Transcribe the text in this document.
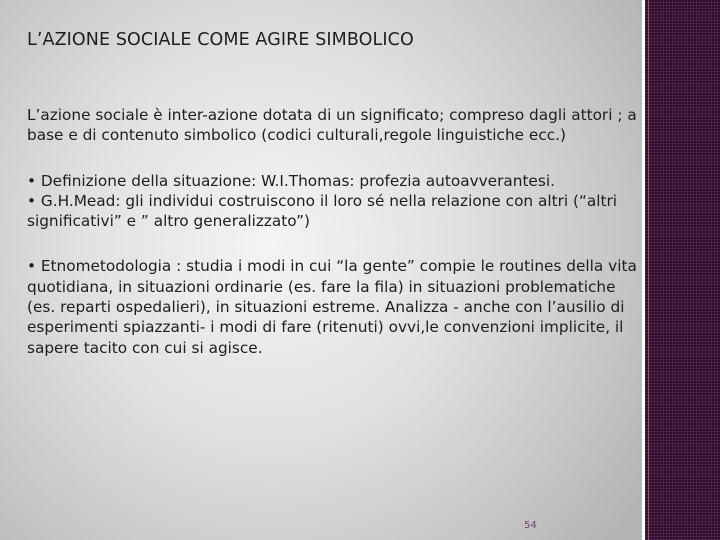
L’AZIONE SOCIALE COME AGIRE SIMBOLICO

L’azione sociale è inter-azione dotata di un significato; compreso dagli attori ; a base e di contenuto simbolico (codici culturali,regole linguistiche ecc.)

• Definizione della situazione: W.I.Thomas: profezia autoavverantesi.

• G.H.Mead: gli individui costruiscono il loro sé nella relazione con altri (“altri significativi” e ” altro generalizzato”)

• Etnometodologia : studia i modi in cui “la gente” compie le routines della vita quotidiana, in situazioni ordinarie (es. fare la fila) in situazioni problematiche (es. reparti ospedalieri), in situazioni estreme. Analizza - anche con l’ausilio di esperimenti spiazzanti- i modi di fare (ritenuti) ovvi,le convenzioni implicite, il sapere tacito con cui si agisce.

54
